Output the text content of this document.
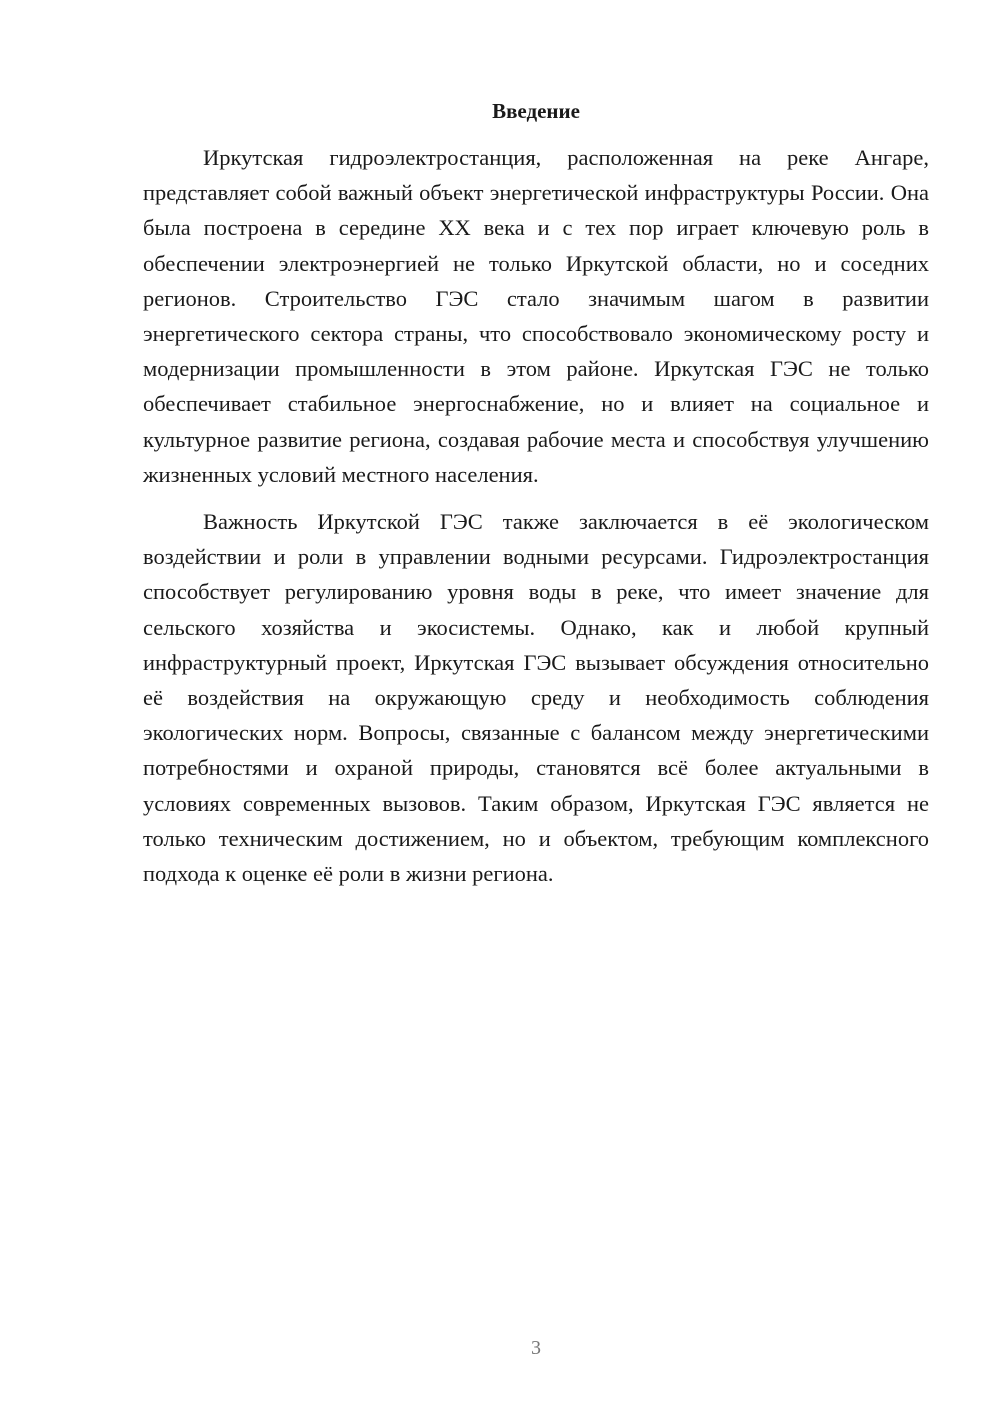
Введение

Иркутская гидроэлектростанция, расположенная на реке Ангаре, представляет собой важный объект энергетической инфраструктуры России. Она была построена в середине XX века и с тех пор играет ключевую роль в обеспечении электроэнергией не только Иркутской области, но и соседних регионов. Строительство ГЭС стало значимым шагом в развитии энергетического сектора страны, что способствовало экономическому росту и модернизации промышленности в этом районе. Иркутская ГЭС не только обеспечивает стабильное энергоснабжение, но и влияет на социальное и культурное развитие региона, создавая рабочие места и способствуя улучшению жизненных условий местного населения.

Важность Иркутской ГЭС также заключается в её экологическом воздействии и роли в управлении водными ресурсами. Гидроэлектростанция способствует регулированию уровня воды в реке, что имеет значение для сельского хозяйства и экосистемы. Однако, как и любой крупный инфраструктурный проект, Иркутская ГЭС вызывает обсуждения относительно её воздействия на окружающую среду и необходимость соблюдения экологических норм. Вопросы, связанные с балансом между энергетическими потребностями и охраной природы, становятся всё более актуальными в условиях современных вызовов. Таким образом, Иркутская ГЭС является не только техническим достижением, но и объектом, требующим комплексного подхода к оценке её роли в жизни региона.

3
